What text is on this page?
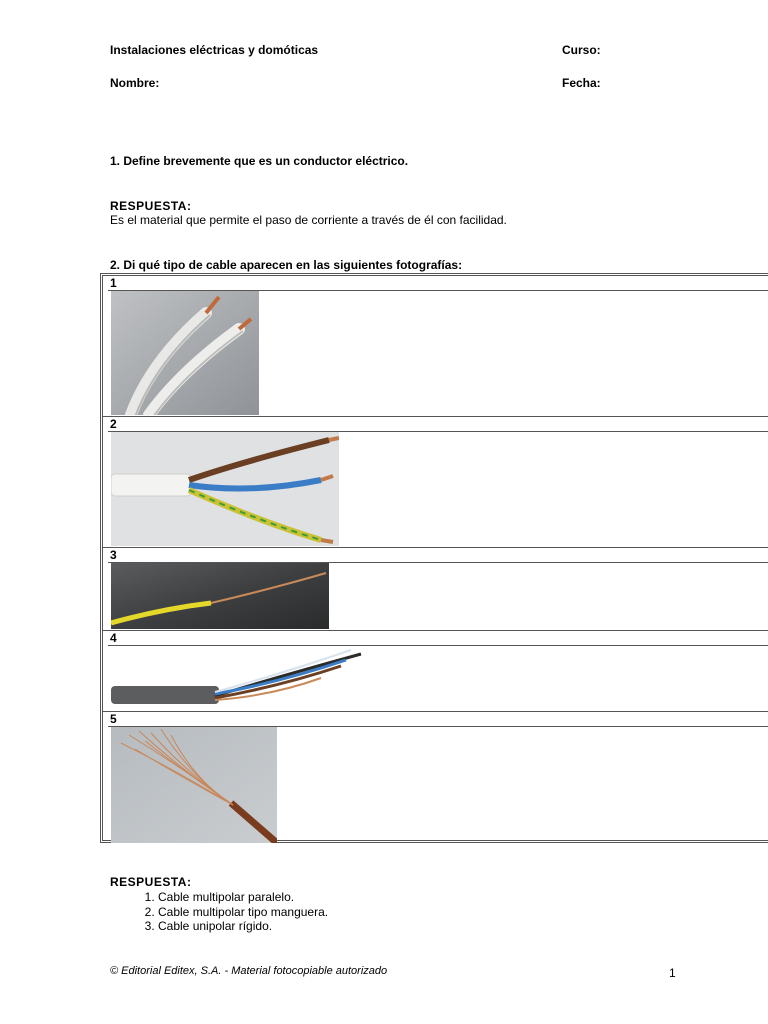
Instalaciones eléctricas y domóticas	Curso:
Nombre:	Fecha:
1. Define brevemente que es un conductor eléctrico.
RESPUESTA:
Es el material que permite el paso de corriente a través de él con facilidad.
2. Di qué tipo de cable aparecen en las siguientes fotografías:
1
2
3
4
5
RESPUESTA:
1. Cable multipolar paralelo.
2. Cable multipolar tipo manguera.
3. Cable unipolar rígido.
© Editorial Editex, S.A. - Material fotocopiable autorizado	1
